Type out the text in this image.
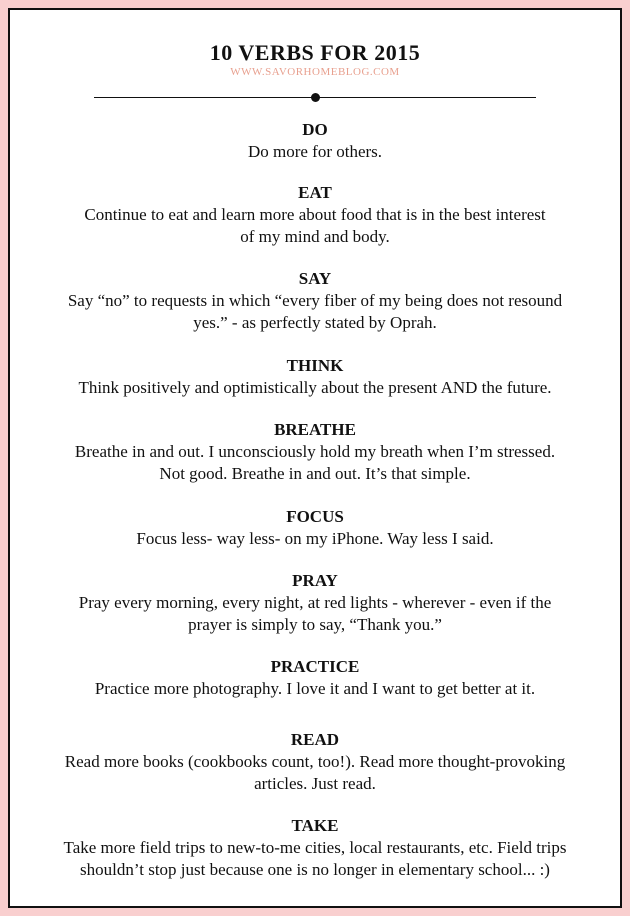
10 VERBS FOR 2015
WWW.SAVORHOMEBLOG.COM
DO
Do more for others.
EAT
Continue to eat and learn more about food that is in the best interest
of my mind and body.
SAY
Say “no” to requests in which “every fiber of my being does not resound
yes.” - as perfectly stated by Oprah.
THINK
Think positively and optimistically about the present AND the future.
BREATHE
Breathe in and out. I unconsciously hold my breath when I’m stressed.
Not good. Breathe in and out. It’s that simple.
FOCUS
Focus less- way less- on my iPhone. Way less I said.
PRAY
Pray every morning, every night, at red lights - wherever - even if the
prayer is simply to say, “Thank you.”
PRACTICE
Practice more photography. I love it and I want to get better at it.
READ
Read more books (cookbooks count, too!). Read more thought-provoking
articles. Just read.
TAKE
Take more field trips to new-to-me cities, local restaurants, etc. Field trips
shouldn’t stop just because one is no longer in elementary school... :)
